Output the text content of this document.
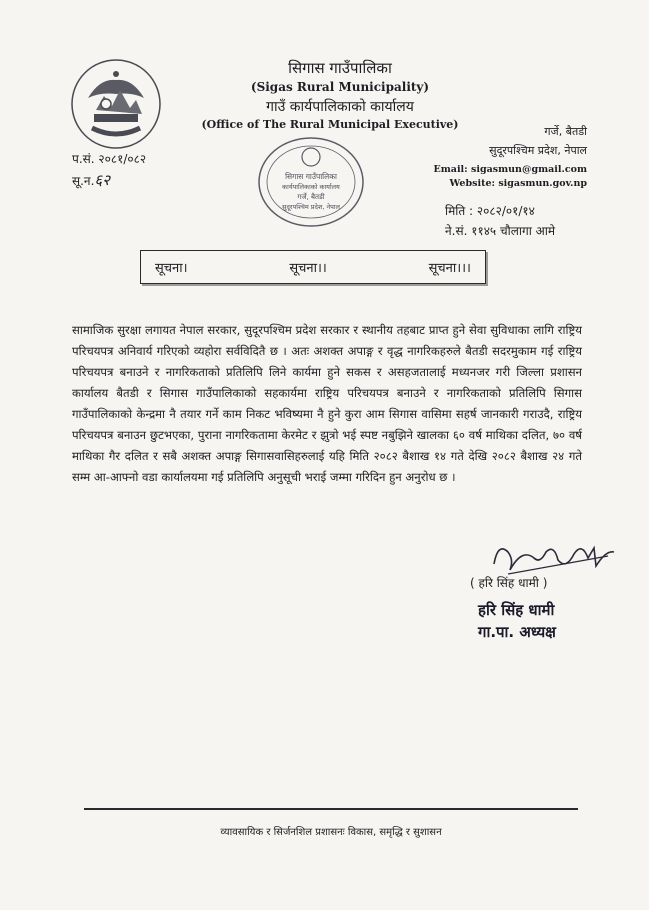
सिगास गाउँपालिका
(Sigas Rural Municipality)
गाउँ कार्यपालिकाको कार्यालय
(Office of The Rural Municipal Executive)
सिगास गाउँपालिका
कार्यपालिकाको कार्यालय
गर्जे, बैतडी
सुदूरपश्चिम प्रदेश, नेपाल
प.सं. २०८१/०८२
सू.न.६२
गर्जे, बैतडी
सुदूरपश्चिम प्रदेश, नेपाल
Email: sigasmun@gmail.com
Website: sigasmun.gov.np
मिति : २०८२/०१/१४
ने.सं. ११४५ चौलागा आमे
सूचना।	सूचना।।	सूचना।।।
सामाजिक सुरक्षा लगायत नेपाल सरकार, सुदूरपश्चिम प्रदेश सरकार र स्थानीय तहबाट प्राप्त हुने सेवा सुविधाका लागि राष्ट्रिय परिचयपत्र अनिवार्य गरिएको व्यहोरा सर्वविदितै छ । अतः अशक्त अपाङ्ग र वृद्ध नागरिकहरुले बैतडी सदरमुकाम गई राष्ट्रिय परिचयपत्र बनाउने र नागरिकताको प्रतिलिपि लिने कार्यमा हुने सकस र असहजतालाई मध्यनजर गरी जिल्ला प्रशासन कार्यालय बैतडी र सिगास गाउँपालिकाको सहकार्यमा राष्ट्रिय परिचयपत्र बनाउने र नागरिकताको प्रतिलिपि सिगास गाउँपालिकाको केन्द्रमा नै तयार गर्ने काम निकट भविष्यमा नै हुने कुरा आम सिगास वासिमा सहर्ष जानकारी गराउदै, राष्ट्रिय परिचयपत्र बनाउन छुटभएका, पुराना नागरिकतामा केरमेट र झुत्रो भई स्पष्ट नबुझिने खालका ६० वर्ष माथिका दलित, ७० वर्ष माथिका गैर दलित र सबै अशक्त अपाङ्ग सिगासवासिहरुलाई यहि मिति २०८२ बैशाख १४ गते देखि २०८२ बैशाख २४ गते सम्म आ-आफ्नो वडा कार्यालयमा गई प्रतिलिपि अनुसूची भराई जम्मा गरिदिन हुन अनुरोध छ ।
( हरि सिंह धामी )
हरि सिंह धामी
गा.पा. अध्यक्ष
व्यावसायिक र सिर्जनशिल प्रशासनः विकास, समृद्धि र सुशासन
